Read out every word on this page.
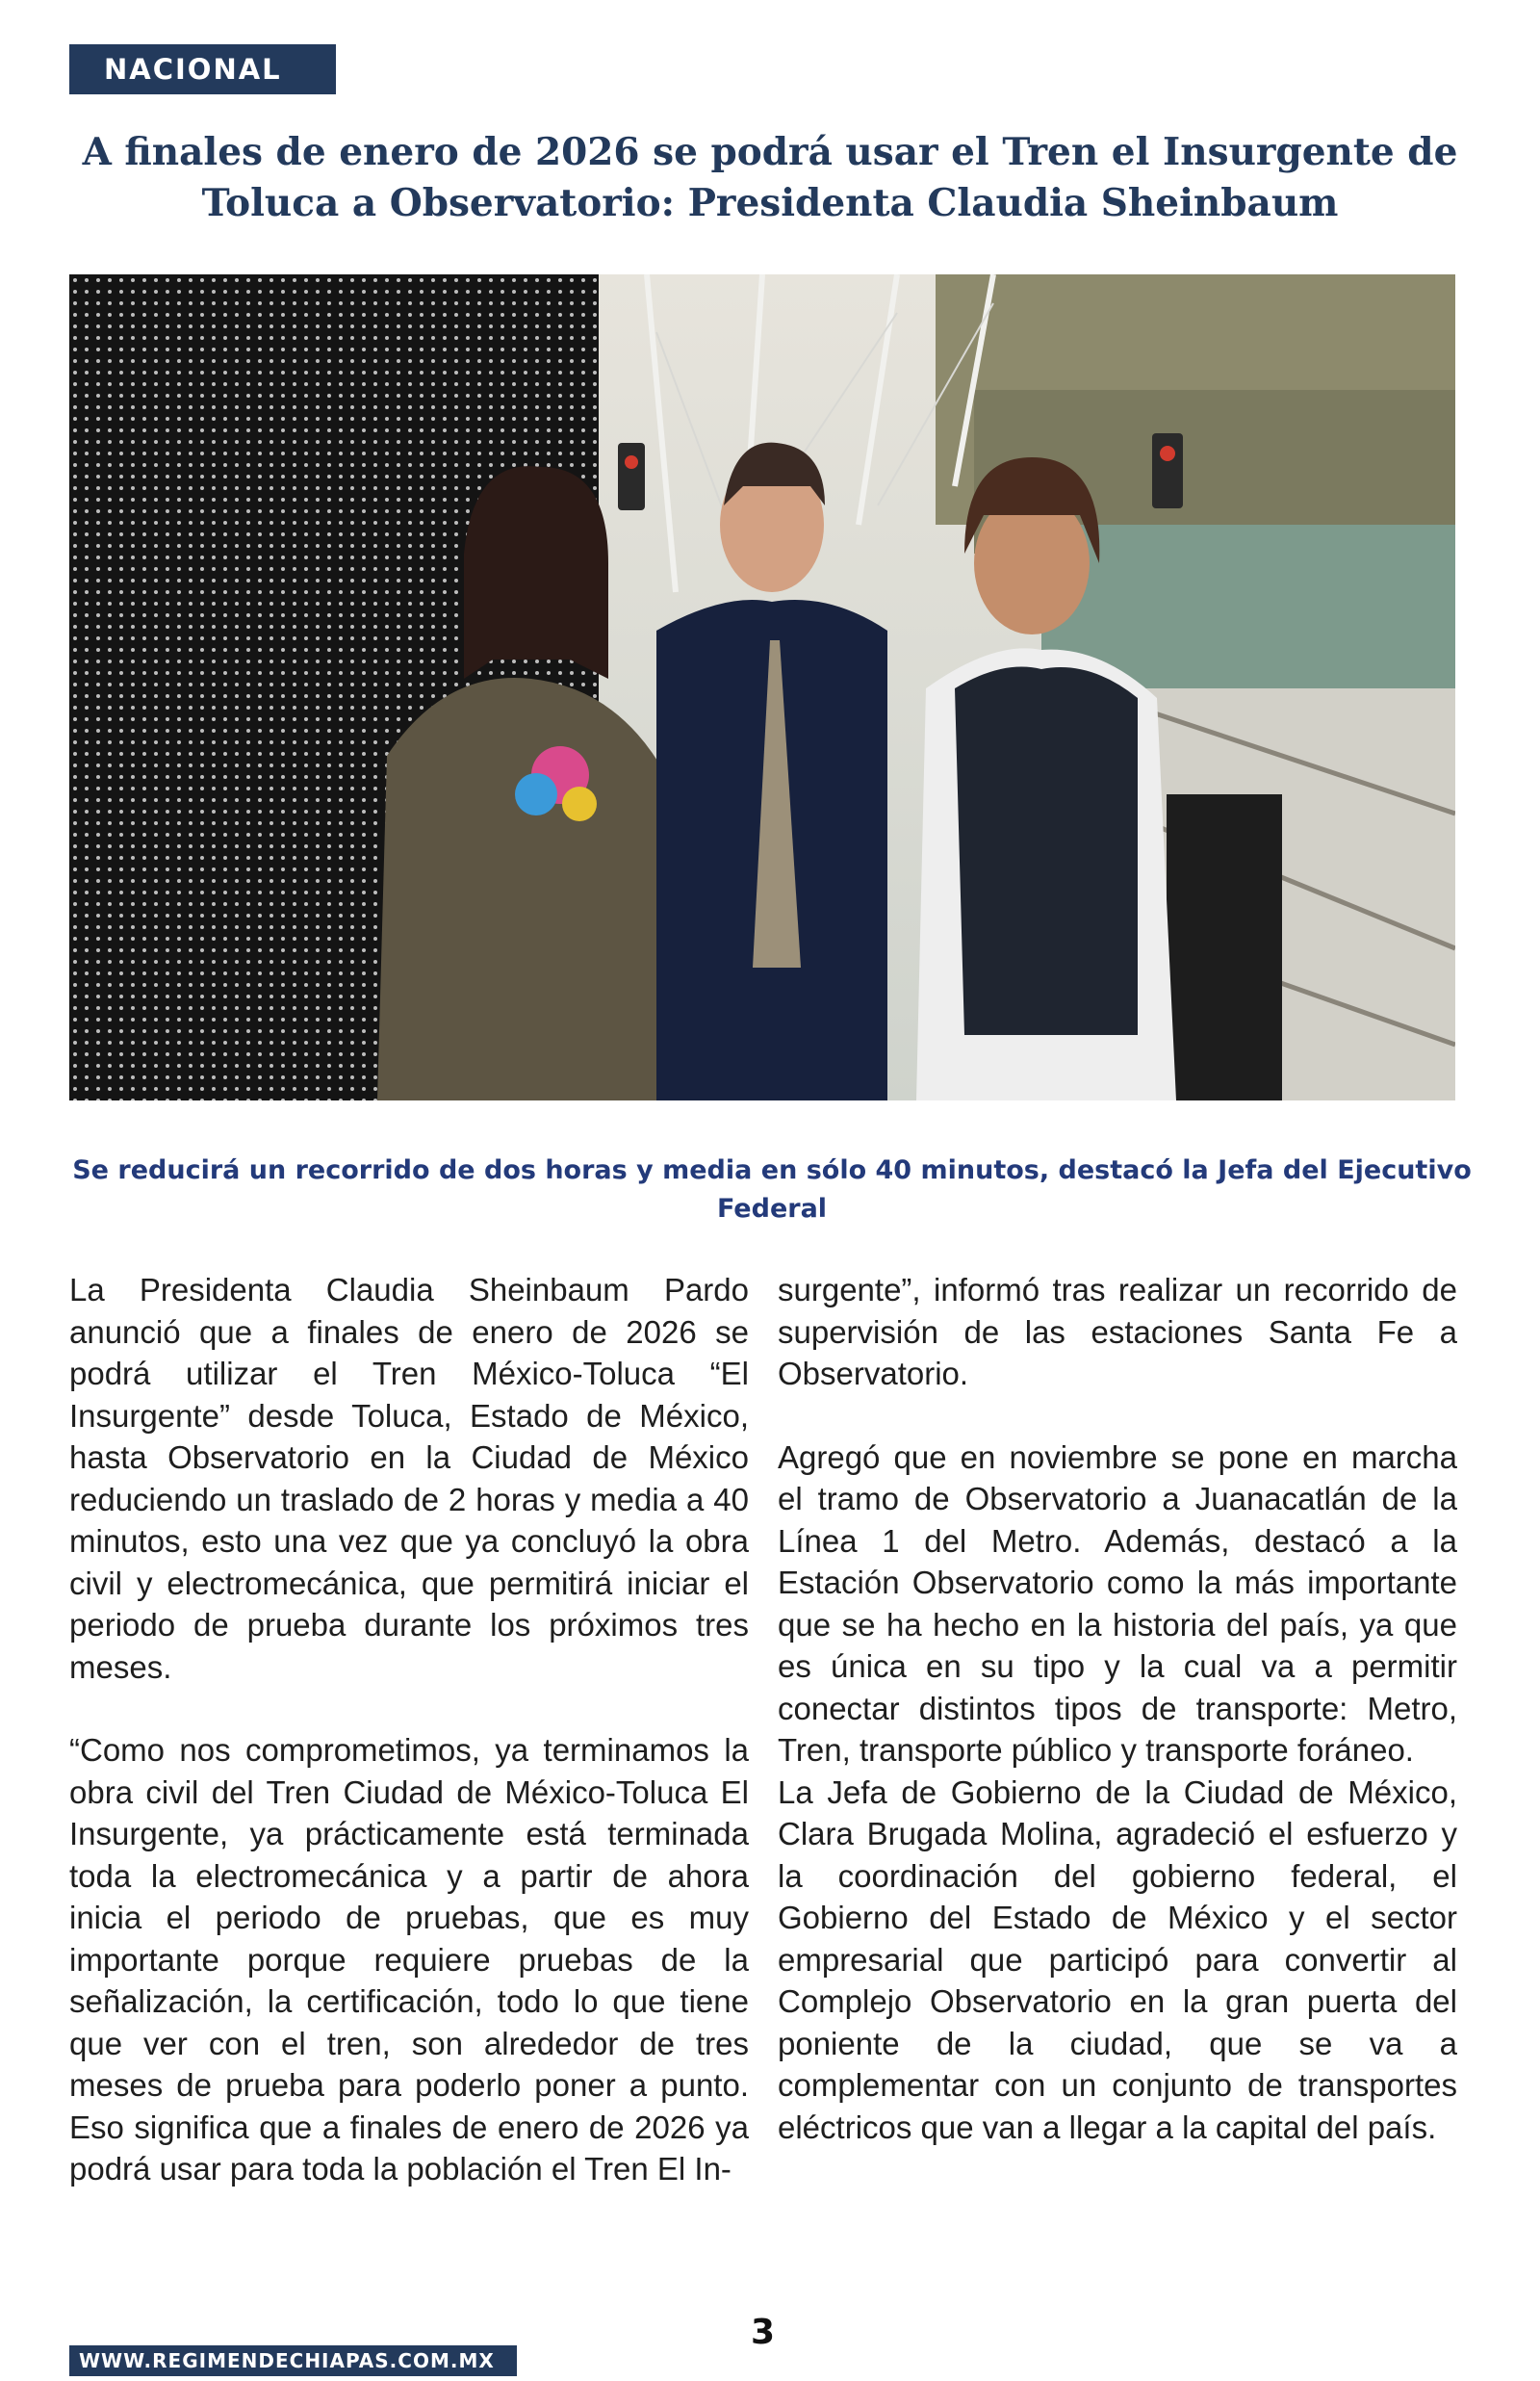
NACIONAL
A finales de enero de 2026 se podrá usar el Tren el Insurgente de Toluca a Observatorio: Presidenta Claudia Sheinbaum

Se reducirá un recorrido de dos horas y media en sólo 40 minutos, destacó la Jefa del Ejecutivo Federal

La Presidenta Claudia Sheinbaum Pardo anunció que a finales de enero de 2026 se podrá utilizar el Tren México-Toluca “El Insurgente” desde Toluca, Estado de México, hasta Observatorio en la Ciudad de México reduciendo un traslado de 2 horas y media a 40 minutos, esto una vez que ya concluyó la obra civil y electromecánica, que permitirá iniciar el periodo de prueba durante los próximos tres meses.

“Como nos comprometimos, ya terminamos la obra civil del Tren Ciudad de México-Toluca El Insurgente, ya prácticamente está terminada toda la electromecánica y a partir de ahora inicia el periodo de pruebas, que es muy importante porque requiere pruebas de la señalización, la certificación, todo lo que tiene que ver con el tren, son alrededor de tres meses de prueba para poderlo poner a punto. Eso significa que a finales de enero de 2026 ya podrá usar para toda la población el Tren El In-

surgente”, informó tras realizar un recorrido de supervisión de las estaciones Santa Fe a Observatorio.

Agregó que en noviembre se pone en marcha el tramo de Observatorio a Juanacatlán de la Línea 1 del Metro. Además, destacó a la Estación Observatorio como la más importante que se ha hecho en la historia del país, ya que es única en su tipo y la cual va a permitir conectar distintos tipos de transporte: Metro, Tren, transporte público y transporte foráneo.

La Jefa de Gobierno de la Ciudad de México, Clara Brugada Molina, agradeció el esfuerzo y la coordinación del gobierno federal, el Gobierno del Estado de México y el sector empresarial que participó para convertir al Complejo Observatorio en la gran puerta del poniente de la ciudad, que se va a complementar con un conjunto de transportes eléctricos que van a llegar a la capital del país.

WWW.REGIMENDECHIAPAS.COM.MX
3
